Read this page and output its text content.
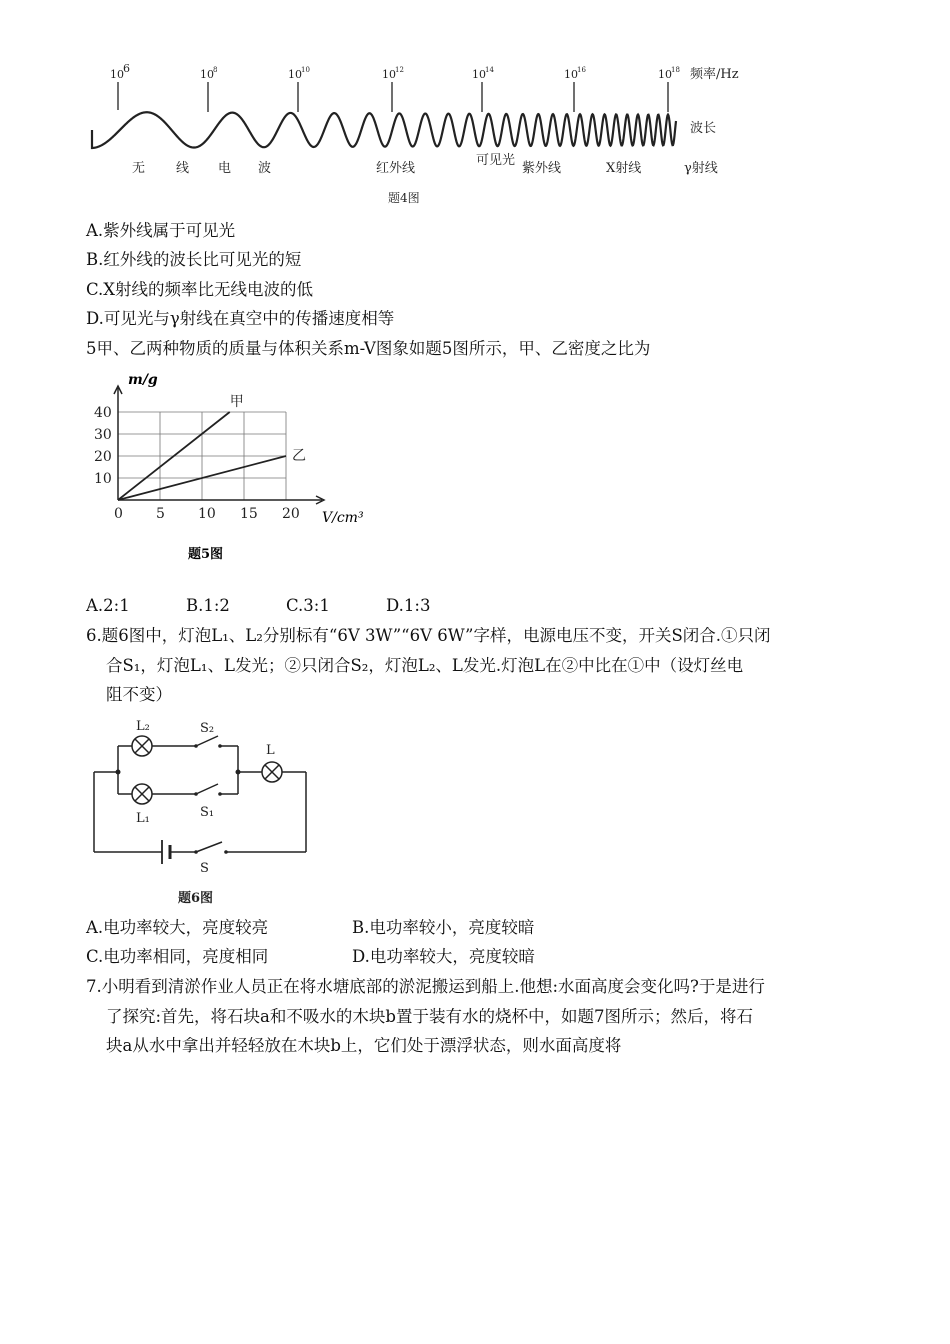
10 6	10 8	10 10	10 12	10 14	10 16	10 18 频率/Hz
波长
无 线 电 波	红外线
可见光
紫外线	X射线	γ射线
题4图
A.紫外线属于可见光
B.红外线的波长比可见光的短
C.X射线的频率比无线电波的低
D.可见光与γ射线在真空中的传播速度相等
5甲、乙两种物质的质量与体积关系m-V图象如题5图所示，甲、乙密度之比为
0 5 10 15 20
10
20
30
40
甲
乙
m/g
V/cm³
题5图
A.2:1	B.1:2	C.3:1	D.1:3
6.题6图中，灯泡L₁、L₂分别标有“6V 3W”“6V 6W”字样，电源电压不变，开关S闭合.①只闭
合S₁，灯泡L₁、L发光；②只闭合S₂，灯泡L₂、L发光.灯泡L在②中比在①中（设灯丝电
阻不变）
L₂	S₂
L
L₁	S₁
S
题6图
A.电功率较大，亮度较亮	B.电功率较小，亮度较暗
C.电功率相同，亮度相同	D.电功率较大，亮度较暗
7.小明看到清淤作业人员正在将水塘底部的淤泥搬运到船上.他想:水面高度会变化吗?于是进行
了探究:首先，将石块a和不吸水的木块b置于装有水的烧杯中，如题7图所示；然后，将石
块a从水中拿出并轻轻放在木块b上，它们处于漂浮状态，则水面高度将
